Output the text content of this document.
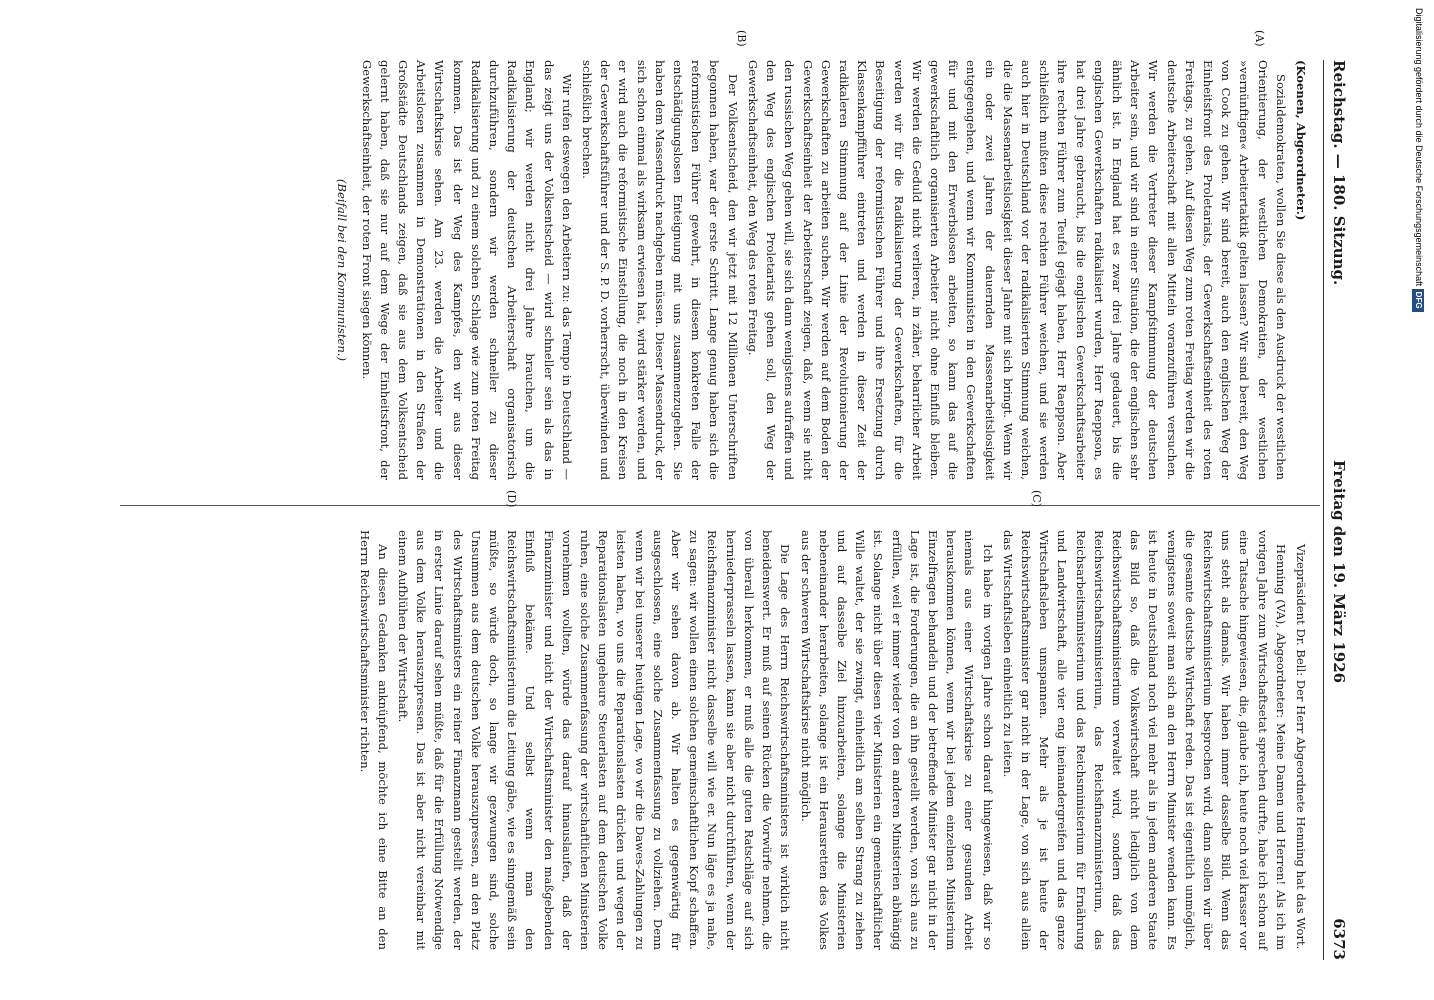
Reichstag. — 180. Sitzung.
Freitag den 19. März 1926
6373
(A)
(B)

(Koenen, Abgeordneter.)

Sozialdemokraten, wollen Sie diese als den Ausdruck der westlichen Orientierung, der westlichen Demokratien, der westlichen »vernünftigen« Arbeitertaktik gelten lassen? Wir sind bereit, den Weg von Cook zu gehen. Wir sind bereit, auch den englischen Weg der Einheitsfront des Proletariats, der Gewerkschaftseinheit des roten Freitags, zu gehen. Auf diesen Weg zum roten Freitag werden wir die deutsche Arbeiterschaft mit allen Mitteln voranzuführen versuchen. Wir werden die Vertreter dieser Kampfstimmung der deutschen Arbeiter sein, und wir sind in einer Situation, die der englischen sehr ähnlich ist. In England hat es zwar drei Jahre gedauert, bis die englischen Gewerkschaften radikalisiert wurden, Herr Raeppson, es hat drei Jahre gebraucht, bis die englischen Gewerkschaftsarbeiter ihre rechten Führer zum Teufel gejagt haben, Herr Raeppson. Aber schließlich mußten diese rechten Führer weichen, und sie werden auch hier in Deutschland vor der radikalisierten Stimmung weichen, die die Massenarbeitslosigkeit dieser Jahre mit sich bringt. Wenn wir ein oder zwei Jahren der dauernden Massenarbeitslosigkeit entgegengehen, und wenn wir Kommunisten in den Gewerkschaften für und mit den Erwerbslosen arbeiten, so kann das auf die gewerkschaftlich organisierten Arbeiter nicht ohne Einfluß bleiben. Wir werden die Geduld nicht verlieren, in zäher, beharrlicher Arbeit werden wir für die Radikalisierung der Gewerkschaften, für die Beseitigung der reformistischen Führer und ihre Ersetzung durch Klassenkampfführer eintreten und werden in dieser Zeit der radikaleren Stimmung auf der Linie der Revolutionierung der Gewerkschaften zu arbeiten suchen. Wir werden auf dem Boden der Gewerkschaftseinheit der Arbeiterschaft zeigen, daß, wenn sie nicht den russischen Weg gehen will, sie sich dann wenigstens aufraffen und den Weg des englischen Proletariats gehen soll, den Weg der Gewerkschaftseinheit, den Weg des roten Freitag.

Der Volksentscheid, den wir jetzt mit 12 Millionen Unterschriften begonnen haben, war der erste Schritt. Lange genug haben sich die reformistischen Führer gewehrt, in diesem konkreten Falle der entschädigungslosen Enteignung mit uns zusammenzugehen. Sie haben dem Massendruck nachgeben müssen. Dieser Massendruck, der sich schon einmal als wirksam erwiesen hat, wird stärker werden, und er wird auch die reformistische Einstellung, die noch in den Kreisen der Gewerkschaftsführer und der S. P. D. vorherrscht, überwinden und schließlich brechen.

Wir rufen deswegen den Arbeitern zu: das Tempo in Deutschland — das zeigt uns der Volksentscheid — wird schneller sein als das in England; wir werden nicht drei Jahre brauchen, um die Radikalisierung der deutschen Arbeiterschaft organisatorisch durchzuführen, sondern wir werden schneller zu dieser Radikalisierung und zu einem solchen Schlage wie zum roten Freitag kommen. Das ist der Weg des Kampfes, den wir aus dieser Wirtschaftskrise sehen. Am 23. werden die Arbeiter und die Arbeitslosen zusammen in Demonstrationen in den Straßen der Großstädte Deutschlands zeigen, daß sie aus dem Volksentscheid gelernt haben, daß sie nur auf dem Wege der Einheitsfront, der Gewerkschaftseinheit, der roten Front siegen können.

(Beifall bei den Kommunisten.)

(C)
(D)

Vizepräsident Dr. Bell: Der Herr Abgeordnete Henning hat das Wort.

Henning (VA), Abgeordneter: Meine Damen und Herren! Als ich im vorigen Jahre zum Wirtschaftsetat sprechen durfte, habe ich schon auf eine Tatsache hingewiesen, die, glaube ich, heute noch viel krasser vor uns steht als damals. Wir haben immer dasselbe Bild. Wenn das Reichswirtschaftsministerium besprochen wird, dann sollen wir über die gesamte deutsche Wirtschaft reden. Das ist eigentlich unmöglich, wenigstens soweit man sich an den Herrn Minister wenden kann. Es ist heute in Deutschland noch viel mehr als in jedem anderen Staate das Bild so, daß die Volkswirtschaft nicht lediglich von dem Reichswirtschaftsministerium verwaltet wird, sondern daß das Reichswirtschaftsministerium, das Reichsfinanzministerium, das Reichsarbeitsministerium und das Reichsministerium für Ernährung und Landwirtschaft, alle vier eng ineinandergreifen und das ganze Wirtschaftsleben umspannen. Mehr als je ist heute der Reichswirtschaftsminister gar nicht in der Lage, von sich aus allein das Wirtschaftsleben einheitlich zu leiten.

Ich habe im vorigen Jahre schon darauf hingewiesen, daß wir so niemals aus einer Wirtschaftskrise zu einer gesunden Arbeit herauskommen können, wenn wir bei jedem einzelnen Ministerium Einzelfragen behandeln und der betreffende Minister gar nicht in der Lage ist, die Forderungen, die an ihn gestellt werden, von sich aus zu erfüllen, weil er immer wieder von den anderen Ministerien abhängig ist. Solange nicht über diesen vier Ministerien ein gemeinschaftlicher Wille waltet, der sie zwingt, einheitlich am selben Strang zu ziehen und auf dasselbe Ziel hinzuarbeiten, solange die Ministerien nebeneinander herarbeiten, solange ist ein Herausretten des Volkes aus der schweren Wirtschaftskrise nicht möglich.

Die Lage des Herrn Reichswirtschaftsministers ist wirklich nicht beneidenswert. Er muß auf seinen Rücken die Vorwürfe nehmen, die von überall herkommen, er muß alle die guten Ratschläge auf sich herniederprasseln lassen, kann sie aber nicht durchführen, wenn der Reichsfinanzminister nicht dasselbe will wie er. Nun läge es ja nahe, zu sagen: wir wollen einen solchen gemeinschaftlichen Kopf schaffen. Aber wir sehen davon ab. Wir halten es gegenwärtig für ausgeschlossen, eine solche Zusammenfassung zu vollziehen. Denn wenn wir bei unserer heutigen Lage, wo wir die Dawes-Zahlungen zu leisten haben, wo uns die Reparationslasten drücken und wegen der Reparationslasten ungeheure Steuerlasten auf dem deutschen Volke ruhen, eine solche Zusammenfassung der wirtschaftlichen Ministerien vornehmen wollten, würde das darauf hinauslaufen, daß der Finanzminister und nicht der Wirtschaftsminister den maßgebenden Einfluß bekäme. Und selbst wenn man den Reichswirtschaftsministerium die Leitung gäbe, wie es sinngemäß sein müßte, so würde doch, so lange wir gezwungen sind, solche Unsummen aus dem deutschen Volke herauszupressen, an den Platz des Wirtschaftsministers ein reiner Finanzmann gestellt werden, der in erster Linie darauf sehen müßte, daß für die Erfüllung Notwendige aus dem Volke herauszupressen. Das ist aber nicht vereinbar mit einem Aufblühen der Wirtschaft.

An diesen Gedanken anknüpfend, möchte ich eine Bitte an den Herrn Reichswirtschaftsminister richten.

Digitalisierung gefördert durch die Deutsche Forschungsgemeinschaft DFG
